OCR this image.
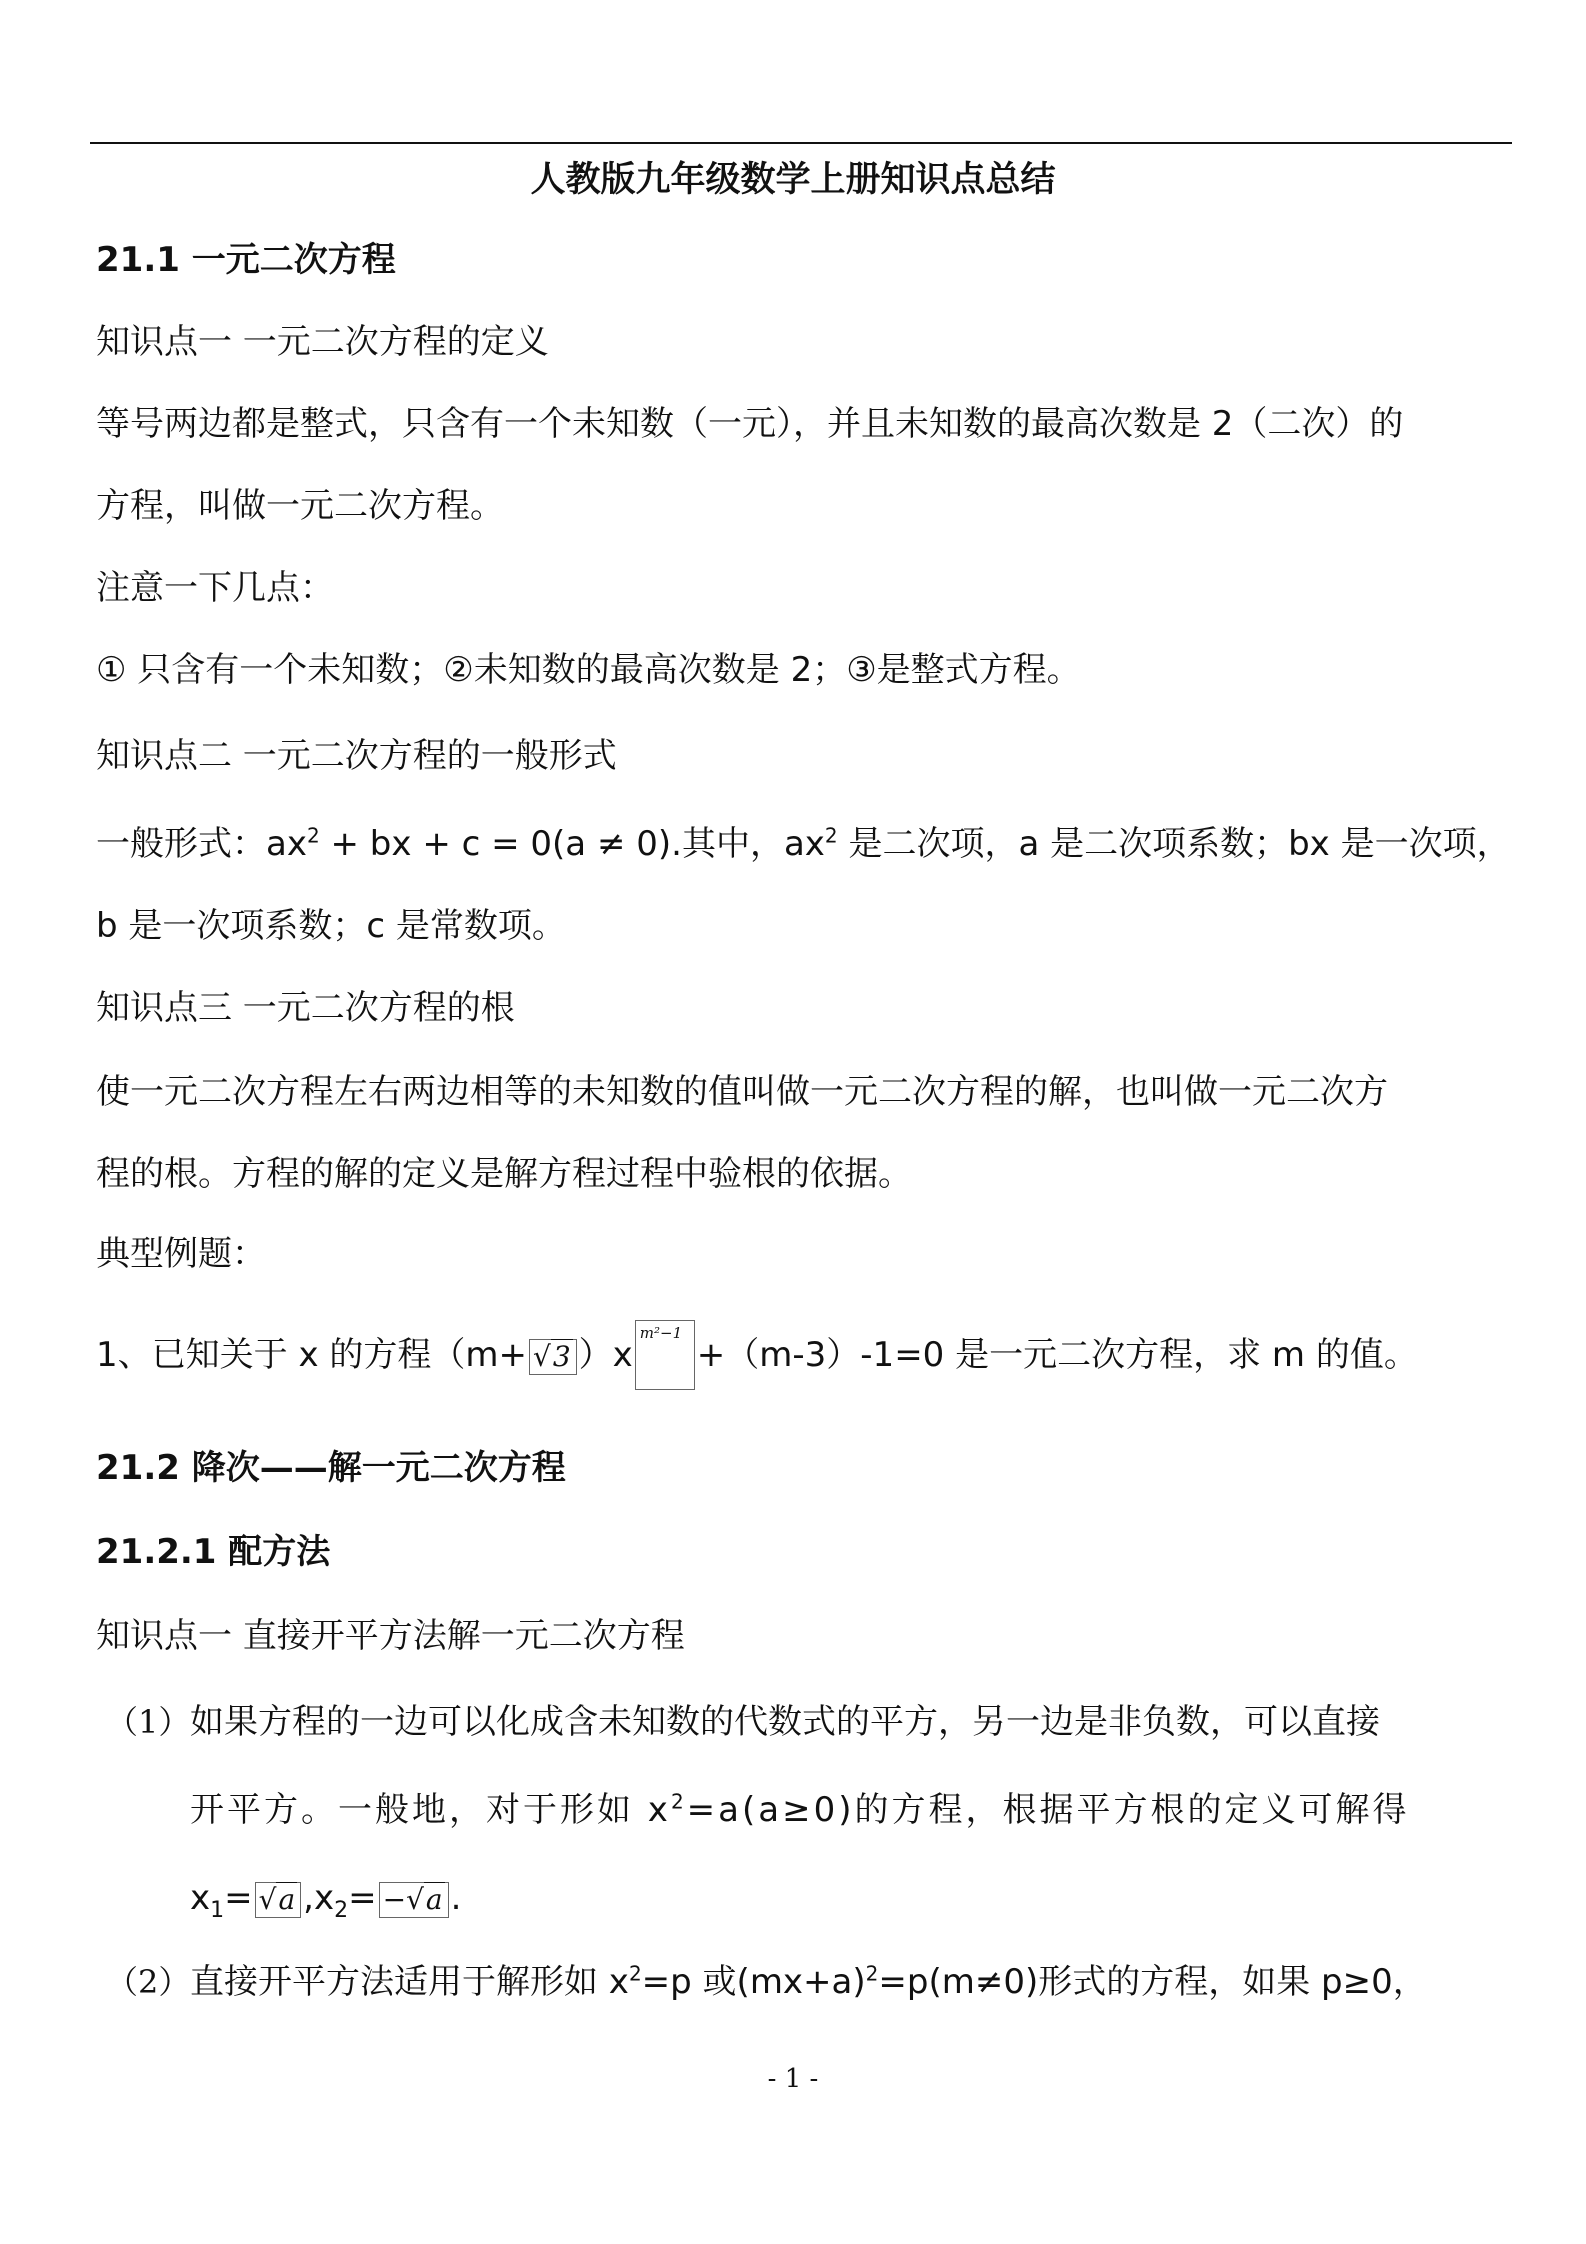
人教版九年级数学上册知识点总结
21.1 一元二次方程
知识点一 一元二次方程的定义
等号两边都是整式，只含有一个未知数（一元），并且未知数的最高次数是 2（二次）的
方程，叫做一元二次方程。
注意一下几点：
① 只含有一个未知数；②未知数的最高次数是 2；③是整式方程。
知识点二 一元二次方程的一般形式
一般形式：$ax^2$ + bx + c = 0(a ≠ 0).其中，$ax^2$ 是二次项，a 是二次项系数；bx 是一次项，
b 是一次项系数；c 是常数项。
知识点三 一元二次方程的根
使一元二次方程左右两边相等的未知数的值叫做一元二次方程的解，也叫做一元二次方
程的根。方程的解的定义是解方程过程中验根的依据。
典型例题：
1、已知关于 x 的方程（m+ √3 ）x
m²−1
+（m-3）-1=0 是一元二次方程，求 m 的值。
21.2 降次——解一元二次方程
21.2.1 配方法
知识点一 直接开平方法解一元二次方程
（1） 如果方程的一边可以化成含未知数的代数式的平方，另一边是非负数，可以直接
开平方。一般地，对于形如 $x^2=a(a\ge 0)$的方程，根据平方根的定义可解得
$x_1= √a$ $,x_2= -√a$ .
（2） 直接开平方法适用于解形如 $x^2=p$ 或$(mx+a)^2=p(m\ne 0)$形式的方程，如果 p≥0，
- 1 -
